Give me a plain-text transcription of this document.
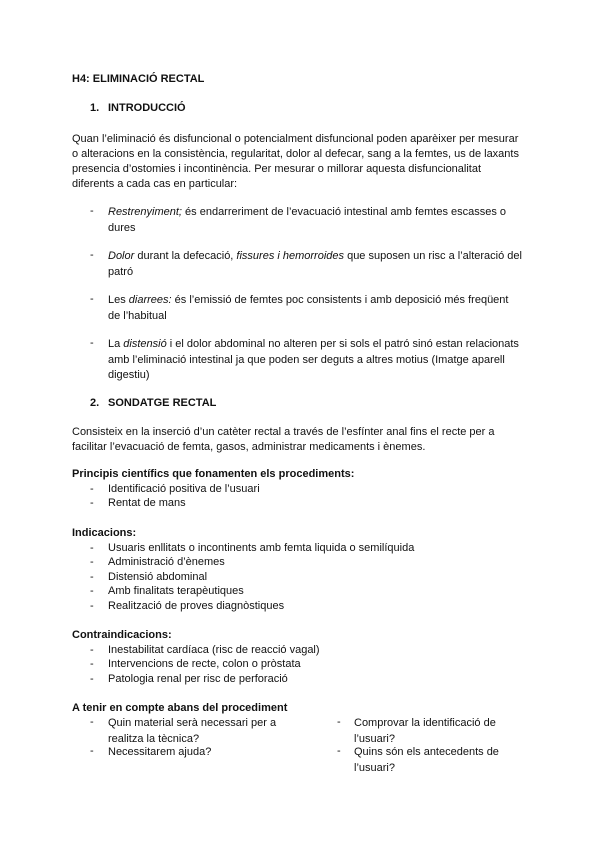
H4: ELIMINACIÓ RECTAL
1. INTRODUCCIÓ
Quan l’eliminació és disfuncional o potencialment disfuncional poden aparèixer per mesurar
o alteracions en la consistència, regularitat, dolor al defecar, sang a la femtes, us de laxants
presencia d’ostomies i incontinència. Per mesurar o millorar aquesta disfuncionalitat
diferents a cada cas en particular:
-	Restrenyiment; és endarreriment de l’evacuació intestinal amb femtes escasses o
dures
-	Dolor durant la defecació, fissures i hemorroides que suposen un risc a l’alteració del
patró
-	Les diarrees: és l’emissió de femtes poc consistents i amb deposició més freqüent
de l’habitual
-	La distensió i el dolor abdominal no alteren per si sols el patró sinó estan relacionats
amb l’eliminació intestinal ja que poden ser deguts a altres motius (Imatge aparell
digestiu)
2. SONDATGE RECTAL
Consisteix en la inserció d’un catèter rectal a través de l’esfínter anal fins el recte per a
facilitar l’evacuació de femta, gasos, administrar medicaments i ènemes.
Principis científics que fonamenten els procediments:
-	Identificació positiva de l’usuari
-	Rentat de mans
Indicacions:
-	Usuaris enllitats o incontinents amb femta liquida o semilíquida
-	Administració d’ènemes
-	Distensió abdominal
-	Amb finalitats terapèutiques
-	Realització de proves diagnòstiques
Contraindicacions:
-	Inestabilitat cardíaca (risc de reacció vagal)
-	Intervencions de recte, colon o pròstata
-	Patologia renal per risc de perforació
A tenir en compte abans del procediment
-	Quin material serà necessari per a
realitza la tècnica?
-	Necessitarem ajuda?
-	Comprovar la identificació de
l’usuari?
-	Quins són els antecedents de
l’usuari?
